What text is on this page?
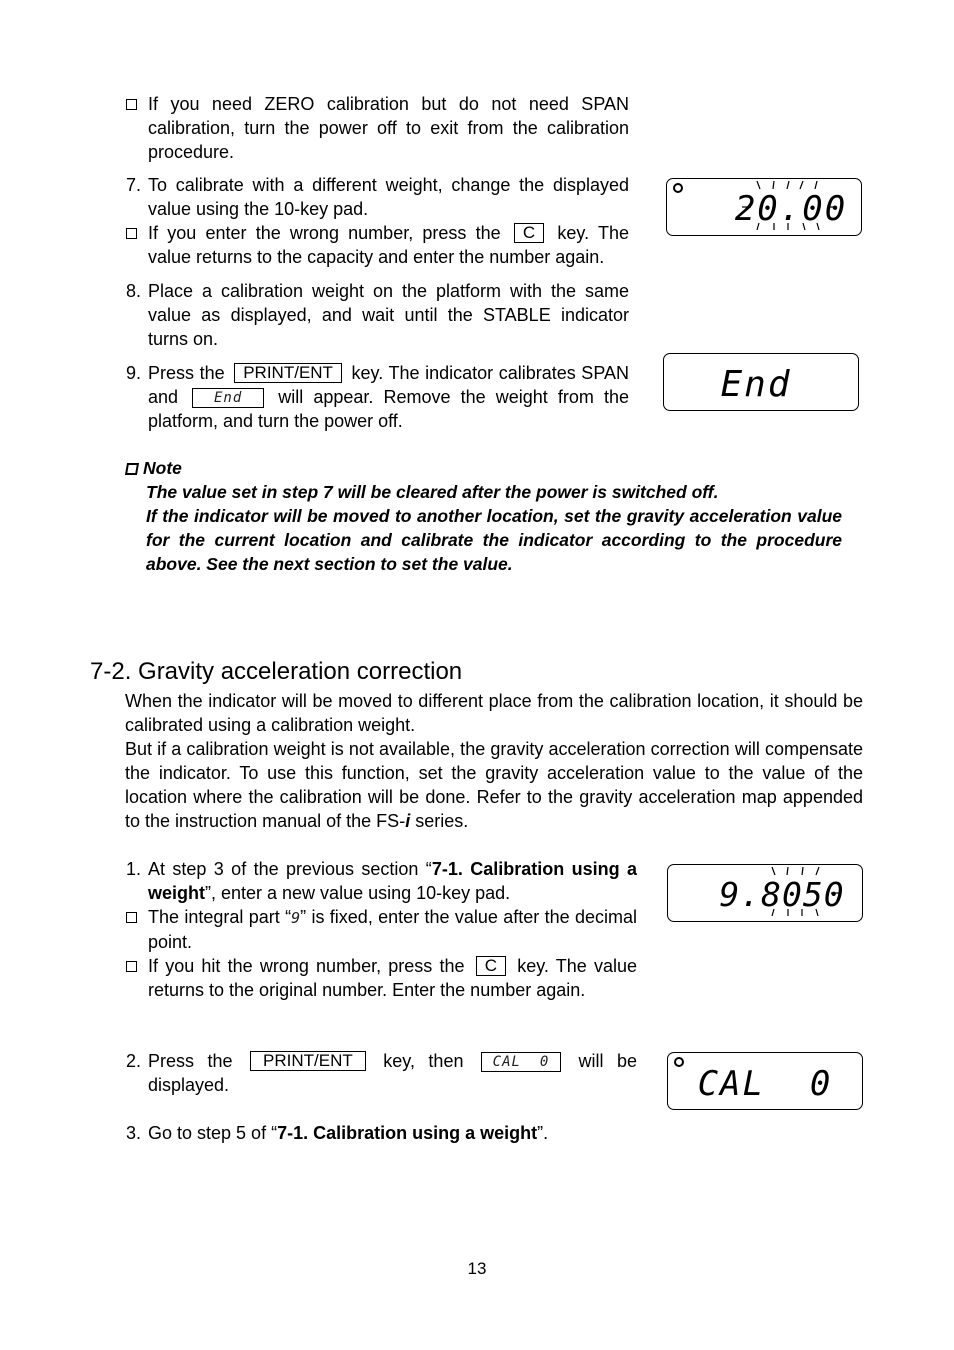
If you need ZERO calibration but do not need SPAN calibration, turn the power off to exit from the calibration procedure.
7. To calibrate with a different weight, change the displayed value using the 10-key pad.
If you enter the wrong number, press the C key. The value returns to the capacity and enter the number again.
8. Place a calibration weight on the platform with the same value as displayed, and wait until the STABLE indicator turns on.
9. Press the PRINT/ENT key. The indicator calibrates SPAN and	End will appear. Remove the weight from the platform, and turn the power off.
Note
The value set in step 7 will be cleared after the power is switched off.
If the indicator will be moved to another location, set the gravity acceleration value for the current location and calibrate the indicator according to the procedure above. See the next section to set the value.
7-2. Gravity acceleration correction
When the indicator will be moved to different place from the calibration location, it should be calibrated using a calibration weight.
But if a calibration weight is not available, the gravity acceleration correction will compensate the indicator. To use this function, set the gravity acceleration value to the value of the location where the calibration will be done. Refer to the gravity acceleration map appended to the instruction manual of the FS-i series.
1. At step 3 of the previous section “7-1. Calibration using a weight”, enter a new value using 10-key pad.
The integral part “9” is fixed, enter the value after the decimal point.
If you hit the wrong number, press the C key. The value returns to the original number. Enter the number again.
2. Press the PRINT/ENT key, then CAL  0 will be displayed.
3. Go to step 5 of “7-1. Calibration using a weight”.
20.00
End
9.8050
CAL  0
13
